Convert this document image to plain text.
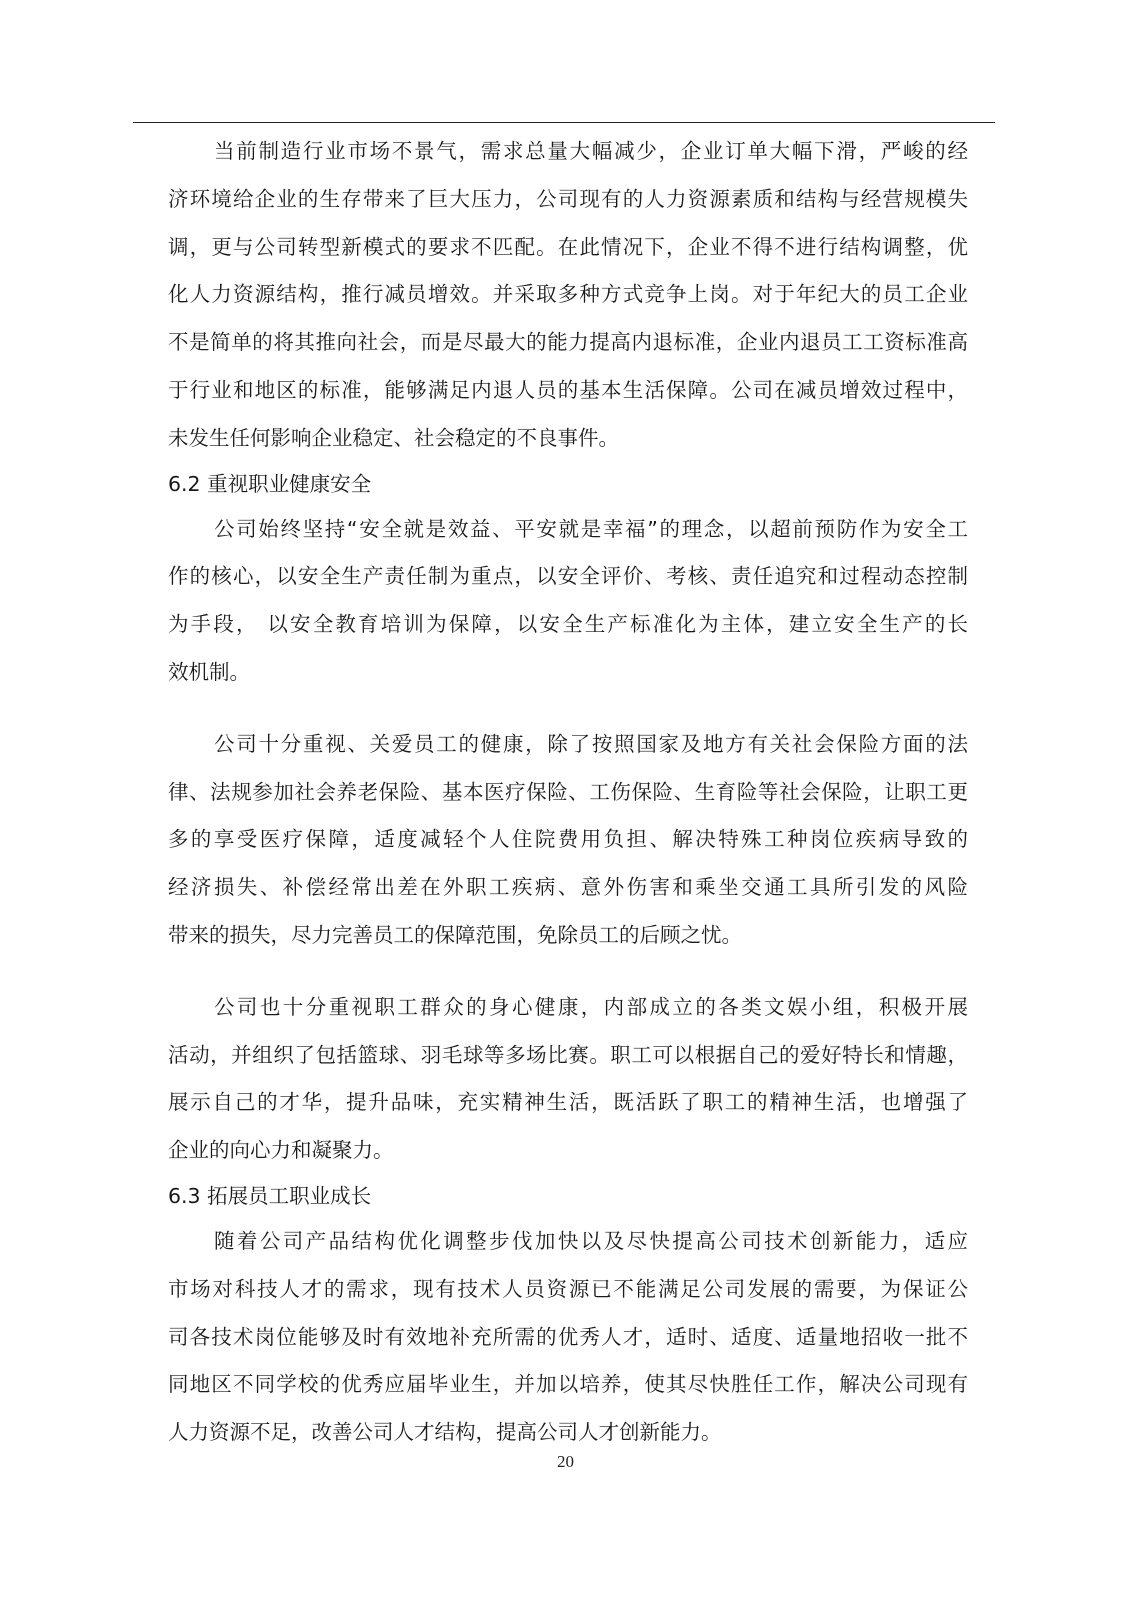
当前制造行业市场不景气，需求总量大幅减少，企业订单大幅下滑，严峻的经
济环境给企业的生存带来了巨大压力，公司现有的人力资源素质和结构与经营规模失
调，更与公司转型新模式的要求不匹配。在此情况下，企业不得不进行结构调整，优
化人力资源结构，推行减员增效。并采取多种方式竞争上岗。对于年纪大的员工企业
不是简单的将其推向社会，而是尽最大的能力提高内退标准，企业内退员工工资标准高
于行业和地区的标准，能够满足内退人员的基本生活保障。公司在减员增效过程中，
未发生任何影响企业稳定、社会稳定的不良事件。
6.2 重视职业健康安全
公司始终坚持“安全就是效益、平安就是幸福”的理念，以超前预防作为安全工
作的核心，以安全生产责任制为重点，以安全评价、考核、责任追究和过程动态控制
为手段， 以安全教育培训为保障，以安全生产标准化为主体，建立安全生产的长
效机制。
公司十分重视、关爱员工的健康，除了按照国家及地方有关社会保险方面的法
律、法规参加社会养老保险、基本医疗保险、工伤保险、生育险等社会保险，让职工更
多的享受医疗保障，适度减轻个人住院费用负担、解决特殊工种岗位疾病导致的
经济损失、补偿经常出差在外职工疾病、意外伤害和乘坐交通工具所引发的风险
带来的损失，尽力完善员工的保障范围，免除员工的后顾之忧。
公司也十分重视职工群众的身心健康，内部成立的各类文娱小组，积极开展
活动，并组织了包括篮球、羽毛球等多场比赛。职工可以根据自己的爱好特长和情趣，
展示自己的才华，提升品味，充实精神生活，既活跃了职工的精神生活，也增强了
企业的向心力和凝聚力。
6.3 拓展员工职业成长
随着公司产品结构优化调整步伐加快以及尽快提高公司技术创新能力，适应
市场对科技人才的需求，现有技术人员资源已不能满足公司发展的需要，为保证公
司各技术岗位能够及时有效地补充所需的优秀人才，适时、适度、适量地招收一批不
同地区不同学校的优秀应届毕业生，并加以培养，使其尽快胜任工作，解决公司现有
人力资源不足，改善公司人才结构，提高公司人才创新能力。
20
